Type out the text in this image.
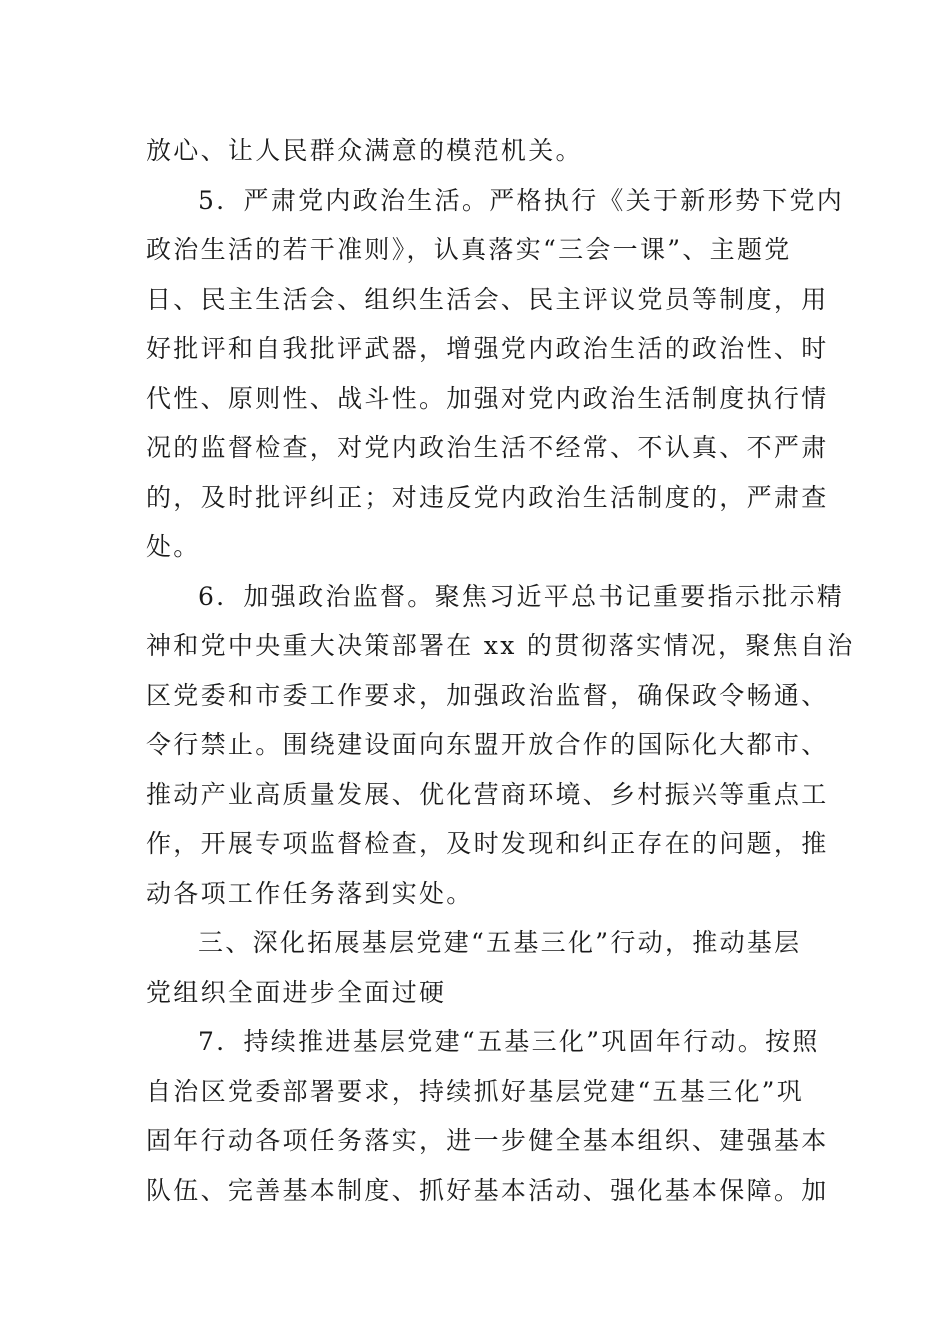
放心、让人民群众满意的模范机关。
5．严肃党内政治生活。严格执行《关于新形势下党内
政治生活的若干准则》，认真落实“三会一课”、主题党
日、民主生活会、组织生活会、民主评议党员等制度，用
好批评和自我批评武器，增强党内政治生活的政治性、时
代性、原则性、战斗性。加强对党内政治生活制度执行情
况的监督检查，对党内政治生活不经常、不认真、不严肃
的，及时批评纠正；对违反党内政治生活制度的，严肃查
处。
6．加强政治监督。聚焦习近平总书记重要指示批示精
神和党中央重大决策部署在 xx 的贯彻落实情况，聚焦自治
区党委和市委工作要求，加强政治监督，确保政令畅通、
令行禁止。围绕建设面向东盟开放合作的国际化大都市、
推动产业高质量发展、优化营商环境、乡村振兴等重点工
作，开展专项监督检查，及时发现和纠正存在的问题，推
动各项工作任务落到实处。
三、深化拓展基层党建“五基三化”行动，推动基层
党组织全面进步全面过硬
7．持续推进基层党建“五基三化”巩固年行动。按照
自治区党委部署要求，持续抓好基层党建“五基三化”巩
固年行动各项任务落实，进一步健全基本组织、建强基本
队伍、完善基本制度、抓好基本活动、强化基本保障。加
